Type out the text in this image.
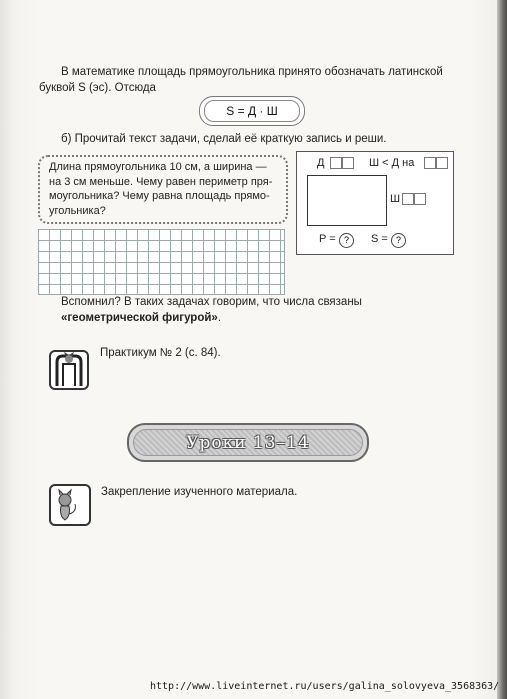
В математике площадь прямоугольника принято обозначать латинской
буквой S (эс). Отсюда
S = Д · Ш
б) Прочитай текст задачи, сделай её краткую запись и реши.
Длина прямоугольника 10 см, а ширина —
на 3 см меньше. Чему равен периметр пря-
моугольника? Чему равна площадь прямо-
угольника?
Д	Ш < Д на
Ш
P = ?	S = ?
Вспомнил? В таких задачах говорим, что числа связаны «геометрической фигурой».
Практикум № 2 (с. 84).
Уроки 13–14
Закрепление изученного материала.
http://www.liveinternet.ru/users/galina_solovyeva_3568363/
